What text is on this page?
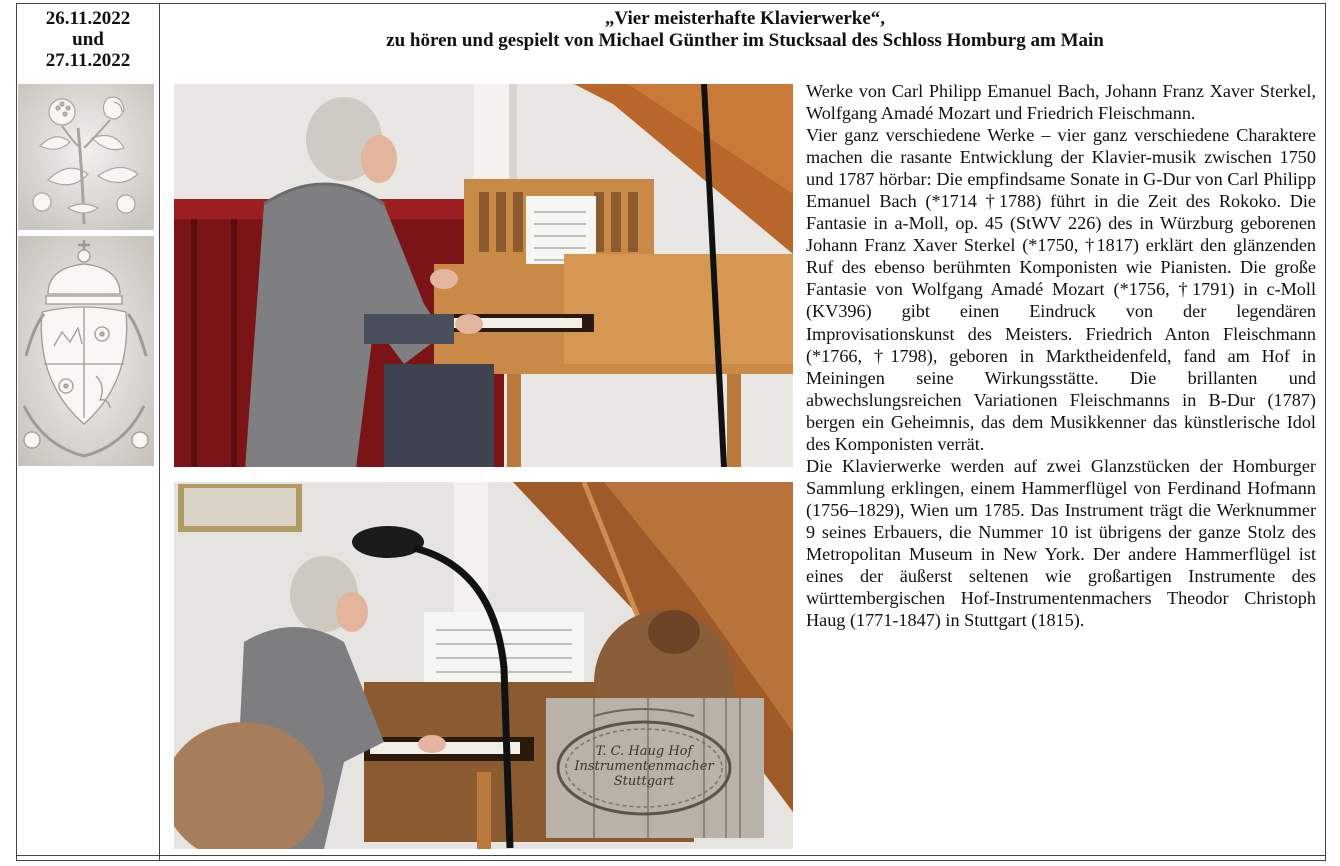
26.11.2022
und
27.11.2022
„Vier meisterhafte Klavierwerke“,
zu hören und gespielt von Michael Günther im Stucksaal des Schloss Homburg am Main
T. C. Haug Hof Instrumentenmacher Stuttgart

Werke von Carl Philipp Emanuel Bach, Johann Franz Xaver Sterkel, Wolfgang Amadé Mozart und Friedrich Fleischmann.

Vier ganz verschiedene Werke – vier ganz verschiedene Charaktere machen die rasante Entwicklung der Klavier-musik zwischen 1750 und 1787 hörbar: Die empfindsame Sonate in G-Dur von Carl Philipp Emanuel Bach (*1714 †1788) führt in die Zeit des Rokoko. Die Fantasie in a-Moll, op. 45 (StWV 226) des in Würzburg geborenen Johann Franz Xaver Sterkel (*1750, †1817) erklärt den glänzenden Ruf des ebenso berühmten Komponisten wie Pianisten. Die große Fantasie von Wolfgang Amadé Mozart (*1756, †1791) in c-Moll (KV396) gibt einen Eindruck von der legendären Improvisationskunst des Meisters. Friedrich Anton Fleischmann (*1766, †1798), geboren in Marktheidenfeld, fand am Hof in Meiningen seine Wirkungsstätte. Die brillanten und abwechslungsreichen Variationen Fleischmanns in B-Dur (1787) bergen ein Geheimnis, das dem Musikkenner das künstlerische Idol des Komponisten verrät.

Die Klavierwerke werden auf zwei Glanzstücken der Homburger Sammlung erklingen, einem Hammerflügel von Ferdinand Hofmann (1756–1829), Wien um 1785. Das Instrument trägt die Werknummer 9 seines Erbauers, die Nummer 10 ist übrigens der ganze Stolz des Metropolitan Museum in New York. Der andere Hammerflügel ist eines der äußerst seltenen wie großartigen Instrumente des württembergischen Hof-Instrumentenmachers Theodor Christoph Haug (1771-1847) in Stuttgart (1815).
